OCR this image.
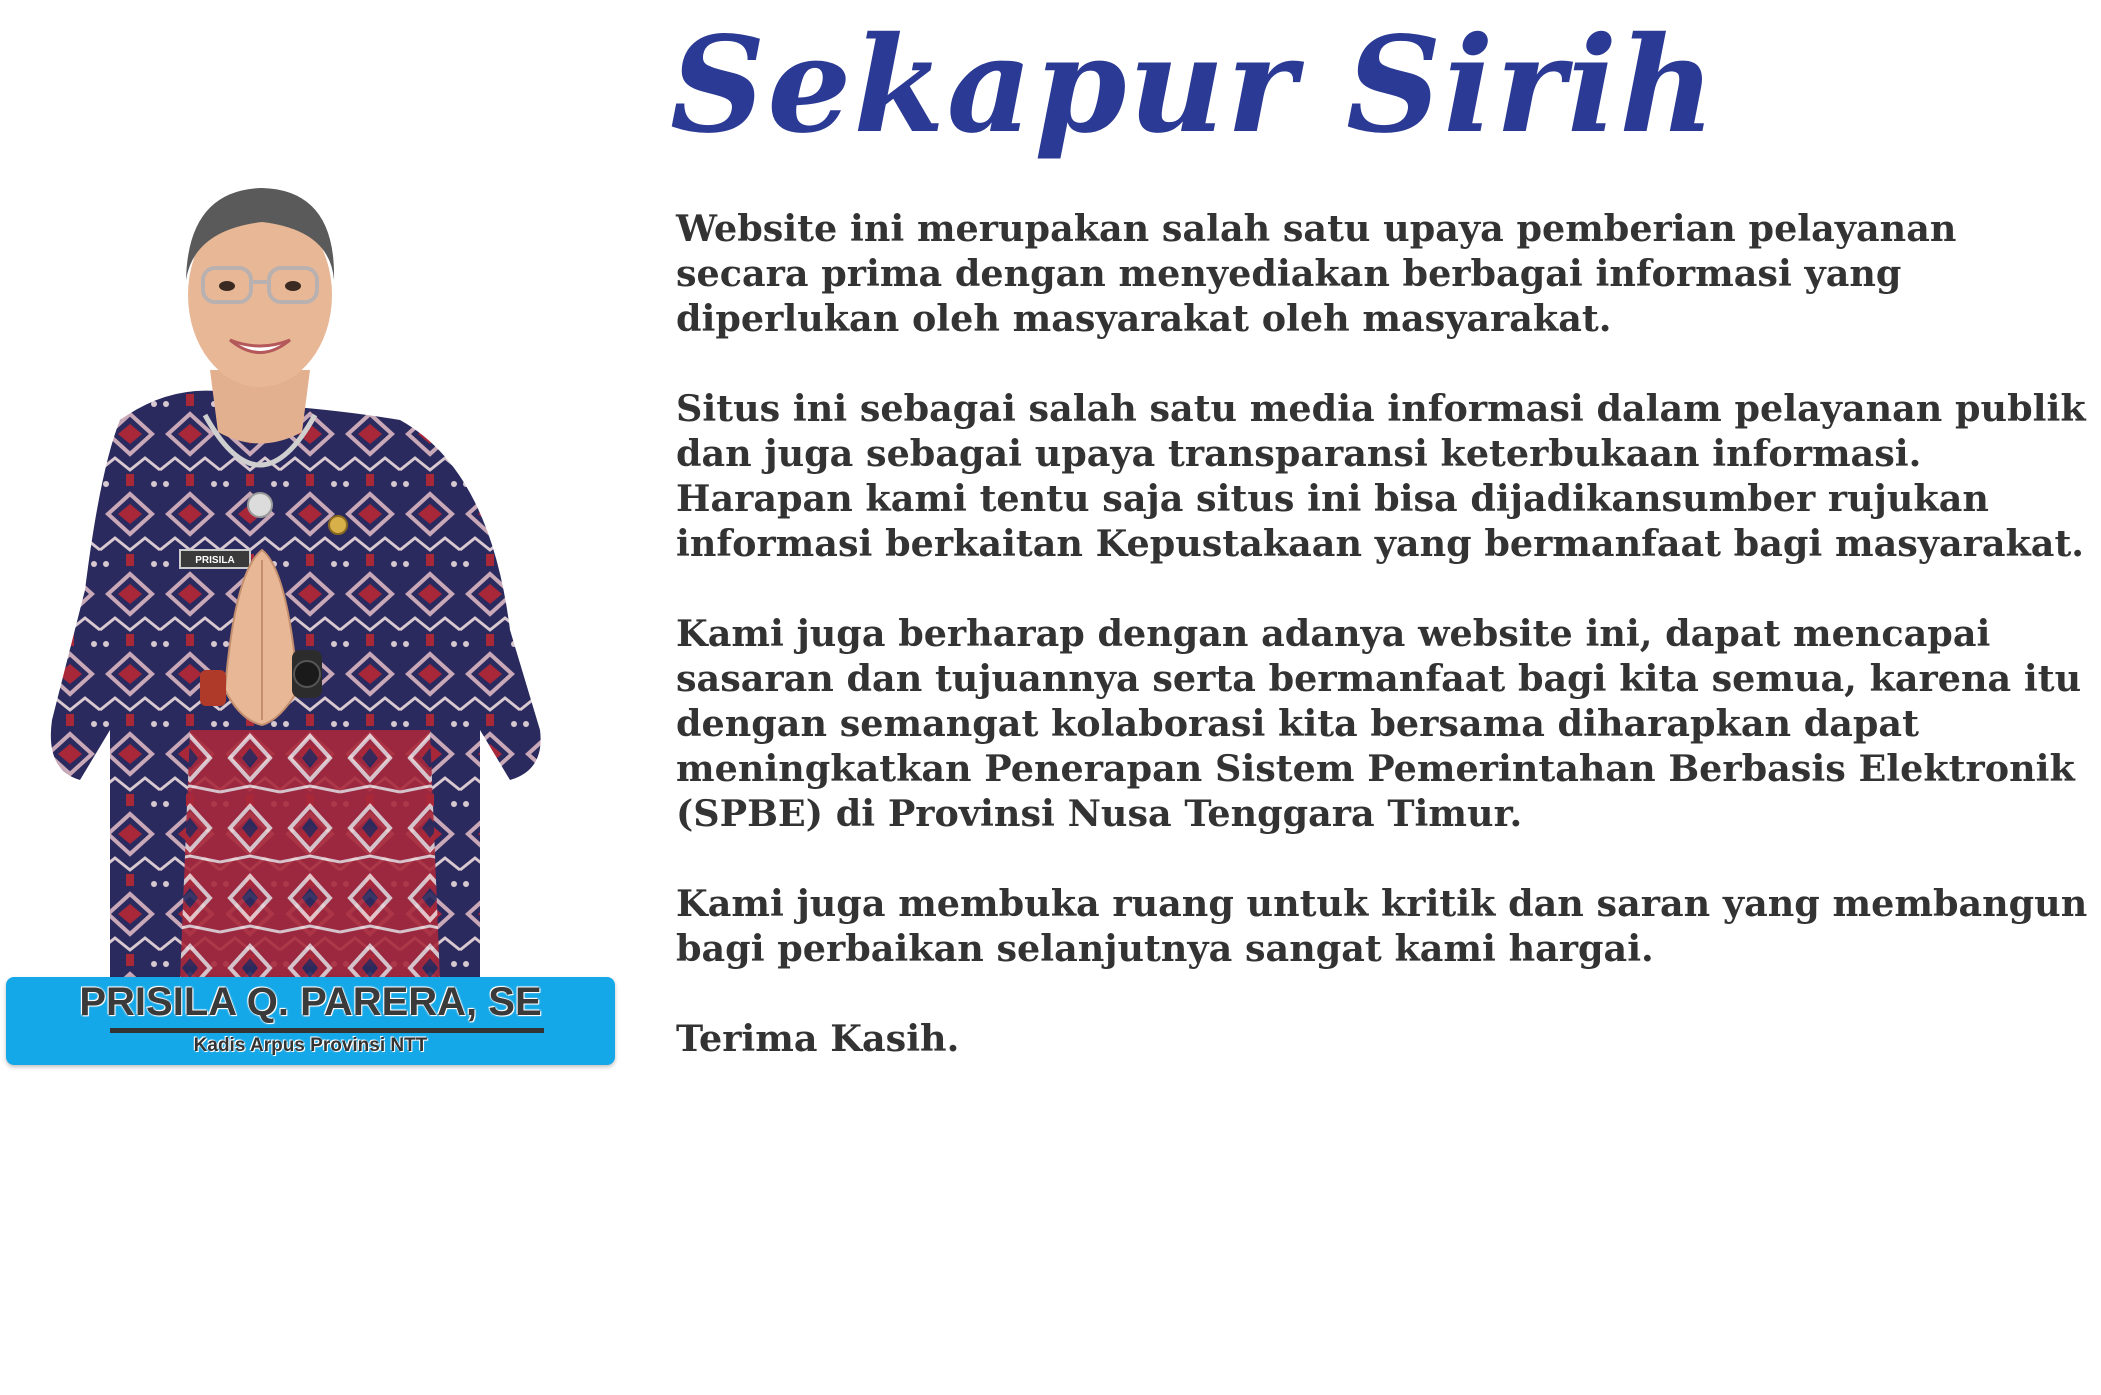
PRISILA
PRISILA Q. PARERA, SE
Kadis Arpus Provinsi NTT
Sekapur Sirih

Website ini merupakan salah satu upaya pemberian pelayanan
secara prima dengan menyediakan berbagai informasi yang
diperlukan oleh masyarakat oleh masyarakat.

Situs ini sebagai salah satu media informasi dalam pelayanan publik
dan juga sebagai upaya transparansi keterbukaan informasi.
Harapan kami tentu saja situs ini bisa dijadikansumber rujukan
informasi berkaitan Kepustakaan yang bermanfaat bagi masyarakat.

Kami juga berharap dengan adanya website ini, dapat mencapai
sasaran dan tujuannya serta bermanfaat bagi kita semua, karena itu
dengan semangat kolaborasi kita bersama diharapkan dapat
meningkatkan Penerapan Sistem Pemerintahan Berbasis Elektronik
(SPBE) di Provinsi Nusa Tenggara Timur.

Kami juga membuka ruang untuk kritik dan saran yang membangun
bagi perbaikan selanjutnya sangat kami hargai.

Terima Kasih.
